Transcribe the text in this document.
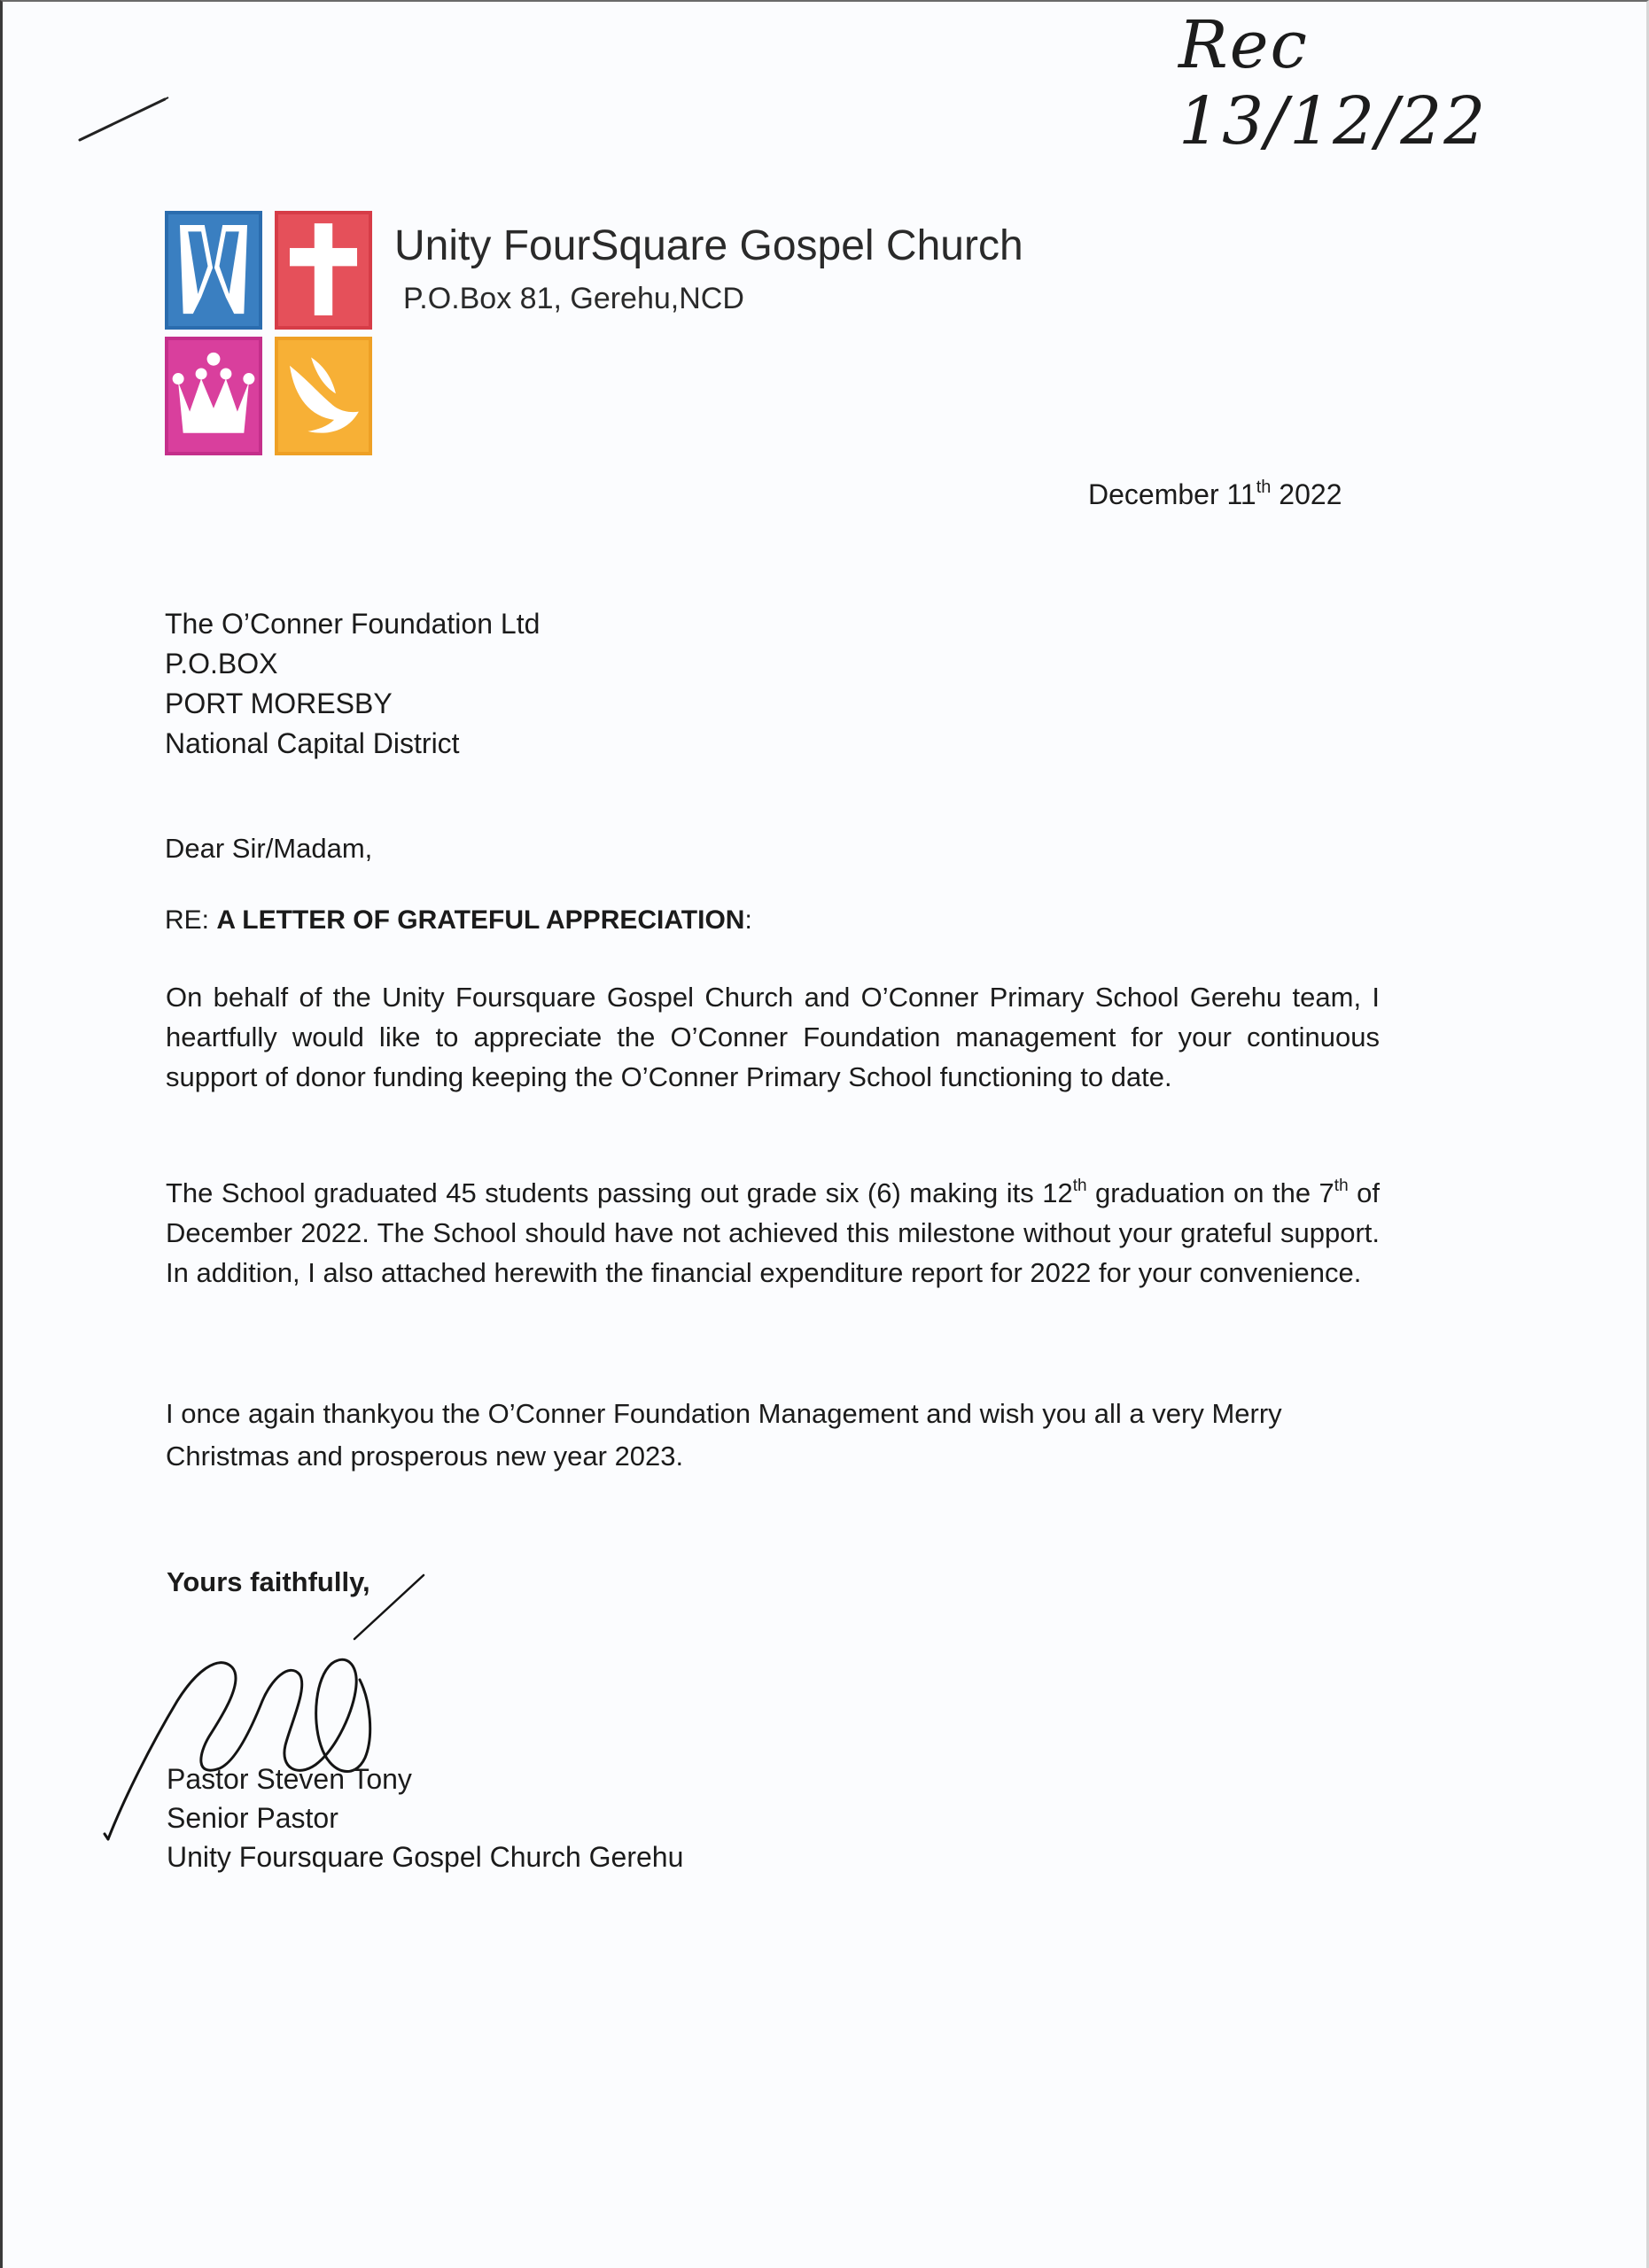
Rec 13/12/22
Unity FourSquare Gospel Church
P.O.Box 81, Gerehu,NCD
December 11th 2022
The O’Conner Foundation Ltd
P.O.BOX
PORT MORESBY
National Capital District
Dear Sir/Madam,
RE: A LETTER OF GRATEFUL APPRECIATION:
On behalf of the Unity Foursquare Gospel Church and O’Conner Primary School Gerehu team, I heartfully would like to appreciate the O’Conner Foundation management for your continuous support of donor funding keeping the O’Conner Primary School functioning to date.
The School graduated 45 students passing out grade six (6) making its 12th graduation on the 7th of December 2022. The School should have not achieved this milestone without your grateful support. In addition, I also attached herewith the financial expenditure report for 2022 for your convenience.
I once again thankyou the O’Conner Foundation Management and wish you all a very Merry Christmas and prosperous new year 2023.
Yours faithfully,
Pastor Steven Tony
Senior Pastor
Unity Foursquare Gospel Church Gerehu
